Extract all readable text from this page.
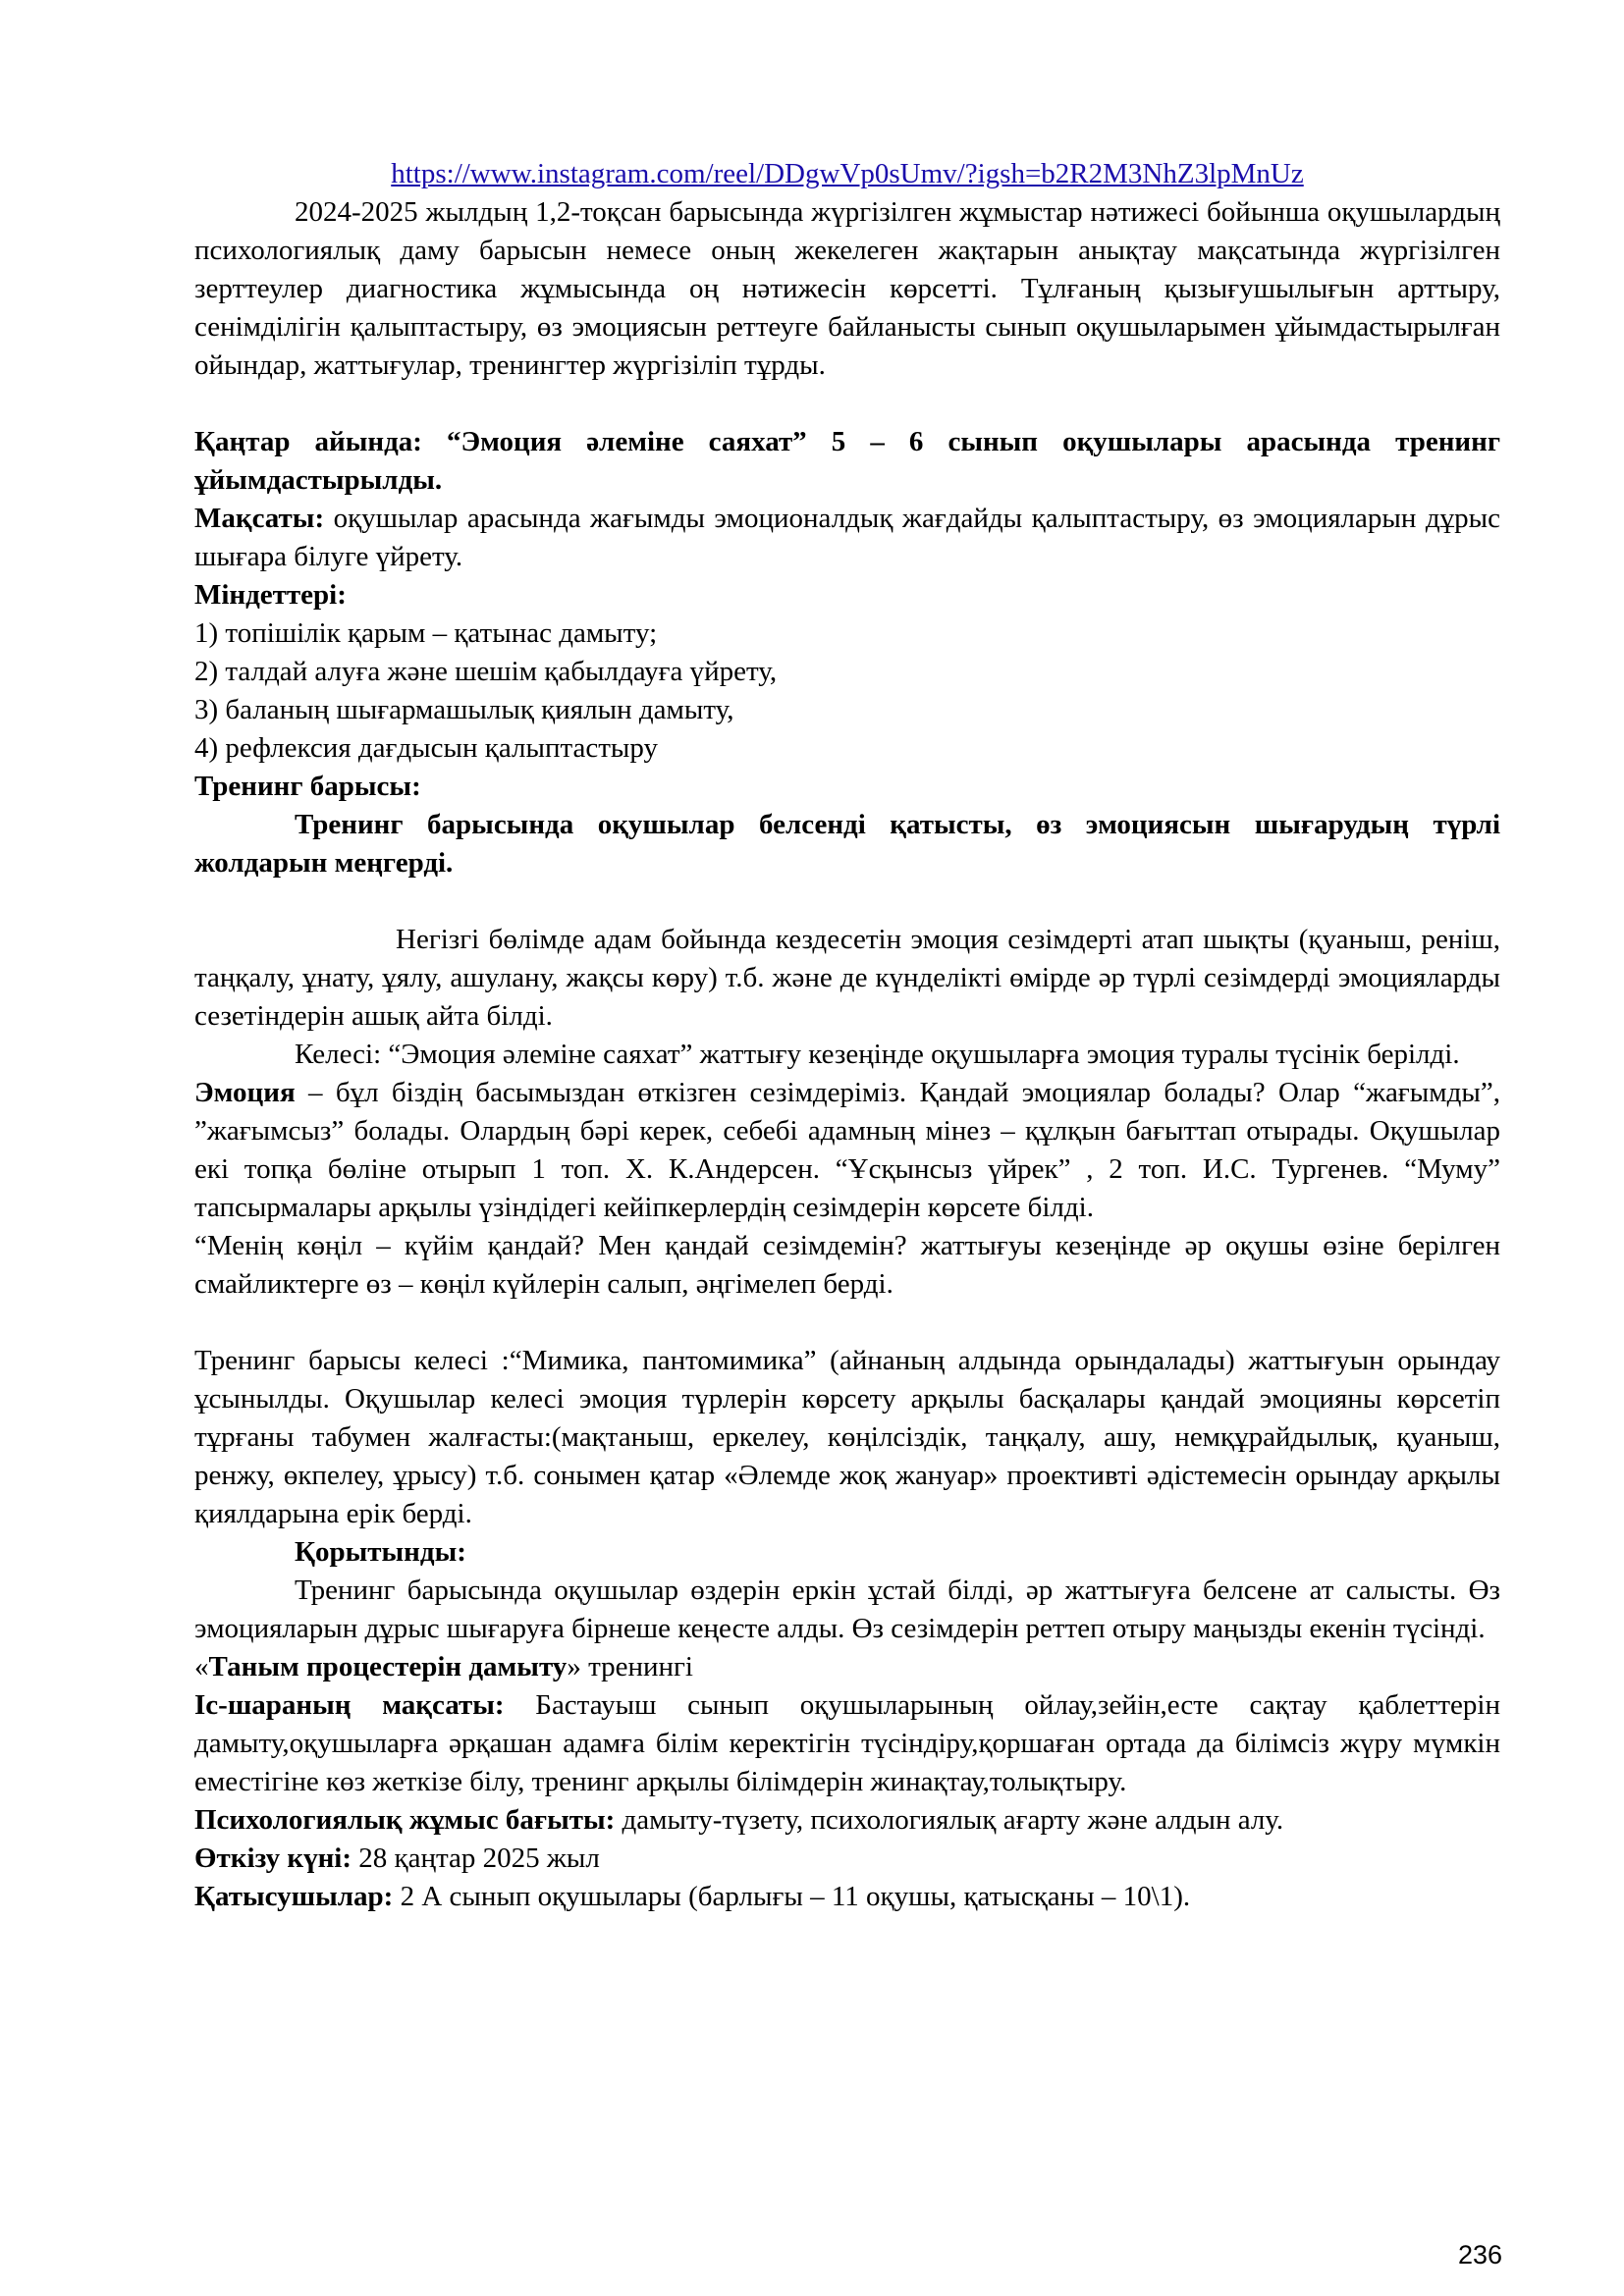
https://www.instagram.com/reel/DDgwVp0sUmv/?igsh=b2R2M3NhZ3lpMnUz

2024-2025 жылдың 1,2-тоқсан барысында жүргізілген жұмыстар нәтижесі бойынша оқушылардың психологиялық даму барысын немесе оның жекелеген жақтарын анықтау мақсатында жүргізілген зерттеулер диагностика жұмысында оң нәтижесін көрсетті. Тұлғаның қызығушылығын арттыру, сенімділігін қалыптастыру, өз эмоциясын реттеуге байланысты сынып оқушыларымен ұйымдастырылған ойындар, жаттығулар, тренингтер жүргізіліп тұрды.

Қаңтар айында: “Эмоция әлеміне саяхат” 5 – 6 сынып оқушылары арасында тренинг ұйымдастырылды.

Мақсаты: оқушылар арасында жағымды эмоционалдық жағдайды қалыптастыру, өз эмоцияларын дұрыс шығара білуге үйрету.

Міндеттері:

1) топішілік қарым – қатынас дамыту;

2) талдай алуға және шешім қабылдауға үйрету,

3) баланың шығармашылық қиялын дамыту,

4) рефлексия дағдысын қалыптастыру

Тренинг барысы:

Тренинг барысында оқушылар белсенді қатысты, өз эмоциясын шығарудың түрлі жолдарын меңгерді.

Негізгі бөлімде адам бойында кездесетін эмоция сезімдерті атап шықты (қуаныш, реніш, таңқалу, ұнату, ұялу, ашулану, жақсы көру) т.б. және де күнделікті өмірде әр түрлі сезімдерді эмоцияларды сезетіндерін ашық айта білді.

Келесі: “Эмоция әлеміне саяхат” жаттығу кезеңінде оқушыларға эмоция туралы түсінік берілді.

Эмоция – бұл біздің басымыздан өткізген сезімдеріміз. Қандай эмоциялар болады? Олар “жағымды”, ”жағымсыз” болады. Олардың бәрі керек, себебі адамның мінез – құлқын бағыттап отырады. Оқушылар екі топқа бөліне отырып 1 топ. Х. К.Андерсен. “Ұсқынсыз үйрек” , 2 топ. И.С. Тургенев. “Муму” тапсырмалары арқылы үзіндідегі кейіпкерлердің сезімдерін көрсете білді.

“Менің көңіл – күйім қандай? Мен қандай сезімдемін? жаттығуы кезеңінде әр оқушы өзіне берілген смайликтерге өз – көңіл күйлерін салып, әңгімелеп берді.

Тренинг барысы келесі :“Мимика, пантомимика” (айнаның алдында орындалады) жаттығуын орындау ұсынылды. Оқушылар келесі эмоция түрлерін көрсету арқылы басқалары қандай эмоцияны көрсетіп тұрғаны табумен жалғасты:(мақтаныш, еркелеу, көңілсіздік, таңқалу, ашу, немқұрайдылық, қуаныш, ренжу, өкпелеу, ұрысу) т.б. сонымен қатар «Әлемде жоқ жануар» проективті әдістемесін орындау арқылы қиялдарына ерік берді.

Қорытынды:

Тренинг барысында оқушылар өздерін еркін ұстай білді, әр жаттығуға белсене ат салысты. Өз эмоцияларын дұрыс шығаруға бірнеше кеңесте алды. Өз сезімдерін реттеп отыру маңызды екенін түсінді.

«Таным процестерін дамыту» тренингі

Іс-шараның мақсаты: Бастауыш сынып оқушыларының ойлау,зейін,есте сақтау қаблеттерін дамыту,оқушыларға әрқашан адамға білім керектігін түсіндіру,қоршаған ортада да білімсіз жүру мүмкін еместігіне көз жеткізе білу, тренинг арқылы білімдерін жинақтау,толықтыру.

Психологиялық жұмыс бағыты: дамыту-түзету, психологиялық ағарту және алдын алу.

Өткізу күні: 28 қаңтар 2025 жыл

Қатысушылар: 2 А сынып оқушылары (барлығы – 11 оқушы, қатысқаны – 10\1).

236
